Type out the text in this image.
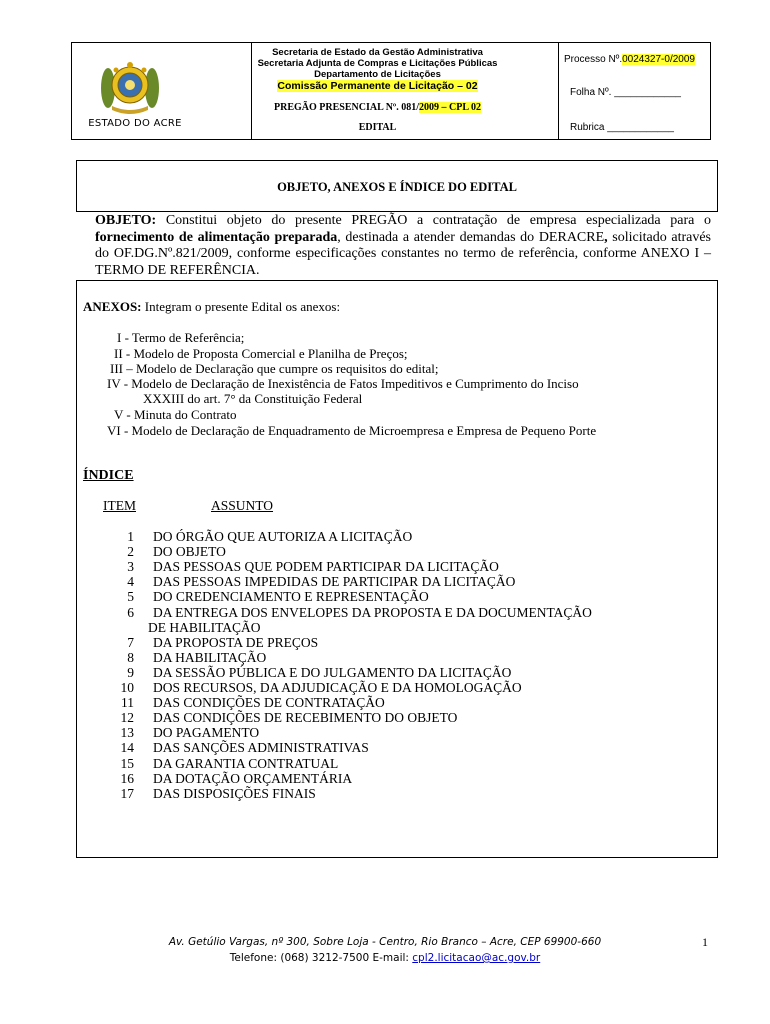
ESTADO DO ACRE
Secretaria de Estado da Gestão Administrativa
Secretaria Adjunta de Compras e Licitações Públicas
Departamento de Licitações
Comissão Permanente de Licitação – 02
PREGÃO PRESENCIAL Nº. 081/2009 – CPL 02
EDITAL
Processo Nº.0024327-0/2009
Folha Nº. ____________
Rubrica ____________
OBJETO, ANEXOS E ÍNDICE DO EDITAL
OBJETO: Constitui objeto do presente PREGÃO a contratação de empresa especializada para o fornecimento de alimentação preparada, destinada a atender demandas do DERACRE, solicitado através do OF.DG.Nº.821/2009, conforme especificações constantes no termo de referência, conforme ANEXO I – TERMO DE REFERÊNCIA.
ANEXOS: Integram o presente Edital os anexos:
I - Termo de Referência;
II - Modelo de Proposta Comercial e Planilha de Preços;
III – Modelo de Declaração que cumpre os requisitos do edital;
IV - Modelo de Declaração de Inexistência de Fatos Impeditivos e Cumprimento do Inciso
XXXIII do art. 7° da Constituição Federal
V - Minuta do Contrato
VI - Modelo de Declaração de Enquadramento de Microempresa e Empresa de Pequeno Porte
ÍNDICE
ITEM	ASSUNTO
1 DO ÓRGÃO QUE AUTORIZA A LICITAÇÃO
2 DO OBJETO
3 DAS PESSOAS QUE PODEM PARTICIPAR DA LICITAÇÃO
4 DAS PESSOAS IMPEDIDAS DE PARTICIPAR DA LICITAÇÃO
5 DO CREDENCIAMENTO E REPRESENTAÇÃO
6 DA ENTREGA DOS ENVELOPES DA PROPOSTA E DA DOCUMENTAÇÃO
DE HABILITAÇÃO
7 DA PROPOSTA DE PREÇOS
8 DA HABILITAÇÃO
9 DA SESSÃO PÚBLICA E DO JULGAMENTO DA LICITAÇÃO
10 DOS RECURSOS, DA ADJUDICAÇÃO E DA HOMOLOGAÇÃO
11 DAS CONDIÇÕES DE CONTRATAÇÃO
12 DAS CONDIÇÕES DE RECEBIMENTO DO OBJETO
13 DO PAGAMENTO
14 DAS SANÇÕES ADMINISTRATIVAS
15 DA GARANTIA CONTRATUAL
16 DA DOTAÇÃO ORÇAMENTÁRIA
17 DAS DISPOSIÇÕES FINAIS
Av. Getúlio Vargas, nº 300, Sobre Loja - Centro, Rio Branco – Acre, CEP 69900-660
Telefone: (068) 3212-7500 E-mail: cpl2.licitacao@ac.gov.br
1
